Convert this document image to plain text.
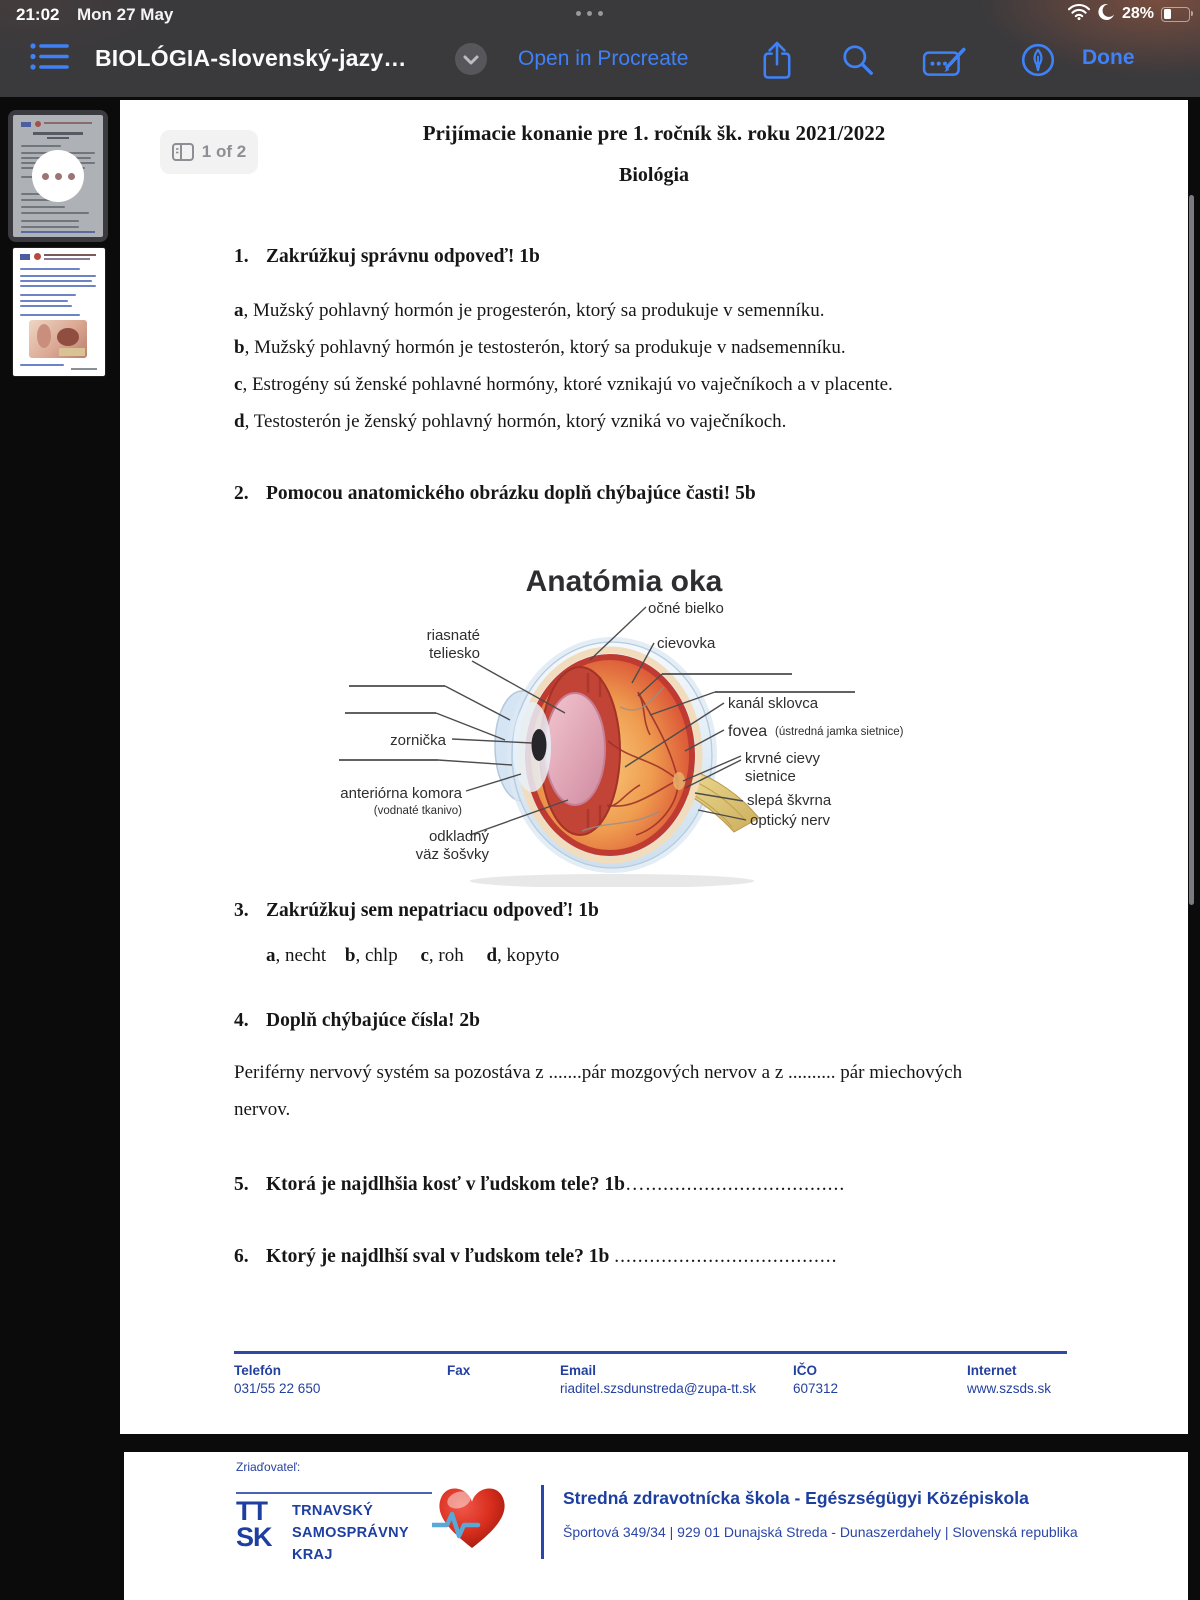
21:02 Mon 27 May	28%
BIOLÓGIA-slovenský-jazy…	Open in Procreate	Done
1 of 2
Prijímacie konanie pre 1. ročník šk. roku 2021/2022
Biológia
1. Zakrúžkuj správnu odpoveď! 1b
a, Mužský pohlavný hormón je progesterón, ktorý sa produkuje v semenníku.
b, Mužský pohlavný hormón je testosterón, ktorý sa produkuje v nadsemenníku.
c, Estrogény sú ženské pohlavné hormóny, ktoré vznikajú vo vaječníkoch a v placente.
d, Testosterón je ženský pohlavný hormón, ktorý vzniká vo vaječníkoch.
2. Pomocou anatomického obrázku doplň chýbajúce časti! 5b
Anatómia oka
riasnaté
teliesko
zornička
anteriórna komora
(vodnaté tkanivo)
odkladný
väz šošvky
očné bielko
cievovka
kanál sklovca
fovea (ústredná jamka sietnice)
krvné cievy
sietnice
slepá škvrna
optický nerv
3. Zakrúžkuj sem nepatriacu odpoveď! 1b
a, necht b, chlp c, roh d, kopyto
4. Doplň chýbajúce čísla! 2b
Periférny nervový systém sa pozostáva z .......pár mozgových nervov a z .......... pár miechových
nervov.
5. Ktorá je najdlhšia kosť v ľudskom tele? 1b…..................................
6. Ktorý je najdlhší sval v ľudskom tele? 1b ......................................
Telefón
031/55 22 650
Fax	Email
riaditel.szsdunstreda@zupa-tt.sk
IČO
607312
Internet
www.szsds.sk
Zriaďovateľ:
TT
SK
TRNAVSKÝ
SAMOSPRÁVNY
KRAJ
Stredná zdravotnícka škola - Egészségügyi Középiskola
Športová 349/34 | 929 01 Dunajská Streda - Dunaszerdahely | Slovenská republika
